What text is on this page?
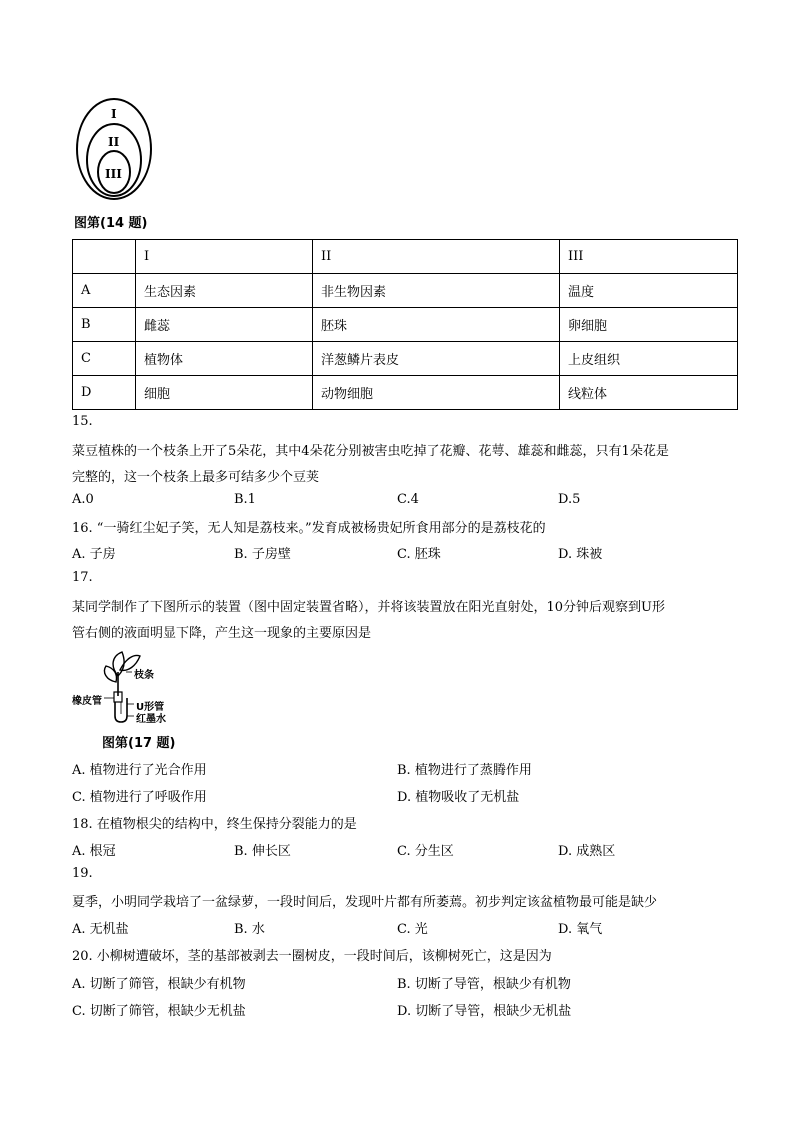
I
II
III
图第(14 题)
	I	II	III
A	生态因素	非生物因素	温度
B	雌蕊	胚珠	卵细胞
C	植物体	洋葱鳞片表皮	上皮组织
D	细胞	动物细胞	线粒体
15.
菜豆植株的一个枝条上开了5朵花，其中4朵花分别被害虫吃掉了花瓣、花萼、雄蕊和雌蕊，只有1朵花是
完整的，这一个枝条上最多可结多少个豆荚
A.0	B.1	C.4	D.5
16. “一骑红尘妃子笑，无人知是荔枝来。”发育成被杨贵妃所食用部分的是荔枝花的
A. 子房	B. 子房壁	C. 胚珠	D. 珠被
17.
某同学制作了下图所示的装置（图中固定装置省略），并将该装置放在阳光直射处，10分钟后观察到U形
管右侧的液面明显下降，产生这一现象的主要原因是
枝条
橡皮管
U形管
红墨水
图第(17 题)
A. 植物进行了光合作用	B. 植物进行了蒸腾作用
C. 植物进行了呼吸作用	D. 植物吸收了无机盐
18. 在植物根尖的结构中，终生保持分裂能力的是
A. 根冠	B. 伸长区	C. 分生区	D. 成熟区
19.
夏季，小明同学栽培了一盆绿萝，一段时间后，发现叶片都有所萎蔫。初步判定该盆植物最可能是缺少
A. 无机盐	B. 水	C. 光	D. 氧气
20. 小柳树遭破坏，茎的基部被剥去一圈树皮，一段时间后，该柳树死亡，这是因为
A. 切断了筛管，根缺少有机物	B. 切断了导管，根缺少有机物
C. 切断了筛管，根缺少无机盐	D. 切断了导管，根缺少无机盐
